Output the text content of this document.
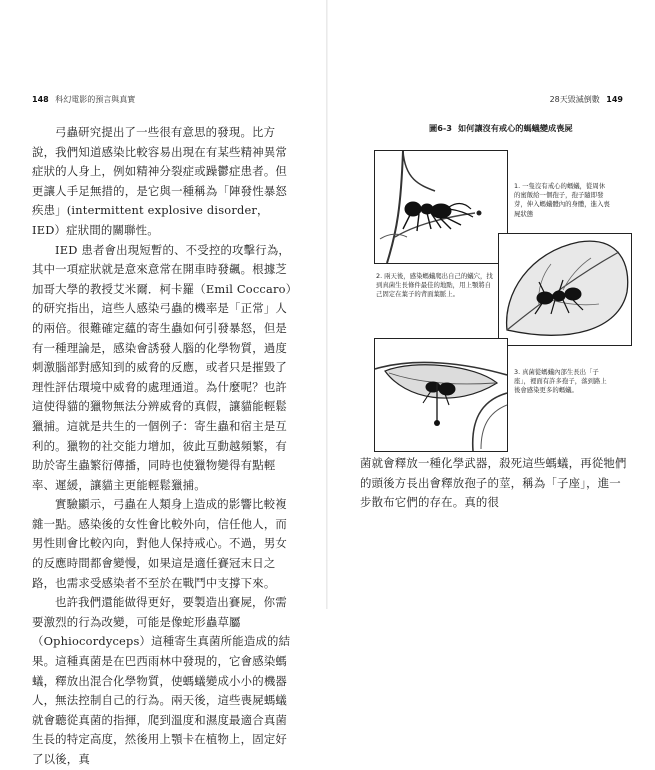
148 科幻電影的預言與真實

弓蟲研究提出了一些很有意思的發現。比方說，我們知道感染比較容易出現在有某些精神異常症狀的人身上，例如精神分裂症或躁鬱症患者。但更讓人手足無措的，是它與一種稱為「陣發性暴怒疾患」(intermittent explosive disorder，IED）症狀間的關聯性。

IED 患者會出現短暫的、不受控的攻擊行為，其中一項症狀就是意來意常在開車時發飆。根據芝加哥大學的教授艾米爾．柯卡羅（Emil Coccaro）的研究指出，這些人感染弓蟲的機率是「正常」人的兩倍。很難確定蘊的寄生蟲如何引發暴怒，但是有一種理論是，感染會誘發人腦的化學物質，過度刺激腦部對感知到的威脅的反應，或者只是摧毀了理性評估環境中威脅的處理通道。為什麼呢？也許這使得貓的獵物無法分辨威脅的真假，讓貓能輕鬆獵捕。這就是共生的一個例子：寄生蟲和宿主是互利的。獵物的社交能力增加，彼此互動越頻繁，有助於寄生蟲繁衍傳播，同時也使獵物變得有點輕率、遲緩，讓貓主更能輕鬆獵捕。

實驗顯示，弓蟲在人類身上造成的影響比較複雜一點。感染後的女性會比較外向，信任他人，而男性則會比較內向，對他人保持戒心。不過，男女的反應時間都會變慢，如果這是適任賽冠末日之路，也需求受感染者不至於在戰鬥中支撐下來。

也許我們還能做得更好，要製造出賽屍，你需要激烈的行為改變，可能是像蛇形蟲草屬（Ophiocordyceps）這種寄生真菌所能造成的結果。這種真菌是在巴西雨林中發現的，它會感染螞蟻，釋放出混合化學物質，使螞蟻變成小小的機器人，無法控制自己的行為。兩天後，這些喪屍螞蟻就會聽從真菌的指揮，爬到溫度和濕度最適合真菌生長的特定高度，然後用上顎卡在植物上，固定好了以後，真

28天毀滅倒數 149
圖6-3 如何讓沒有戒心的螞蟻變成喪屍
1. 一隻沒有戒心的螞蟻，從周休的蜜飯給一個孢子，孢子隨即發芽，伸入螞蟻體內的身體，進入喪屍狀態
2. 兩天後，感染螞蟻爬出自己的蟻穴，找到真菌生長條件最佳的地點，用上顎將自己固定在葉子的背面葉脈上。
3. 真菌從螞蟻內部生長出「子座」，裡面有許多孢子，落到路上後會感染更多的螞蟻。

菌就會釋放一種化學武器，殺死這些螞蟻，再從牠們的頭後方長出會釋放孢子的莖，稱為「子座」，進一步散布它們的存在。真的很
